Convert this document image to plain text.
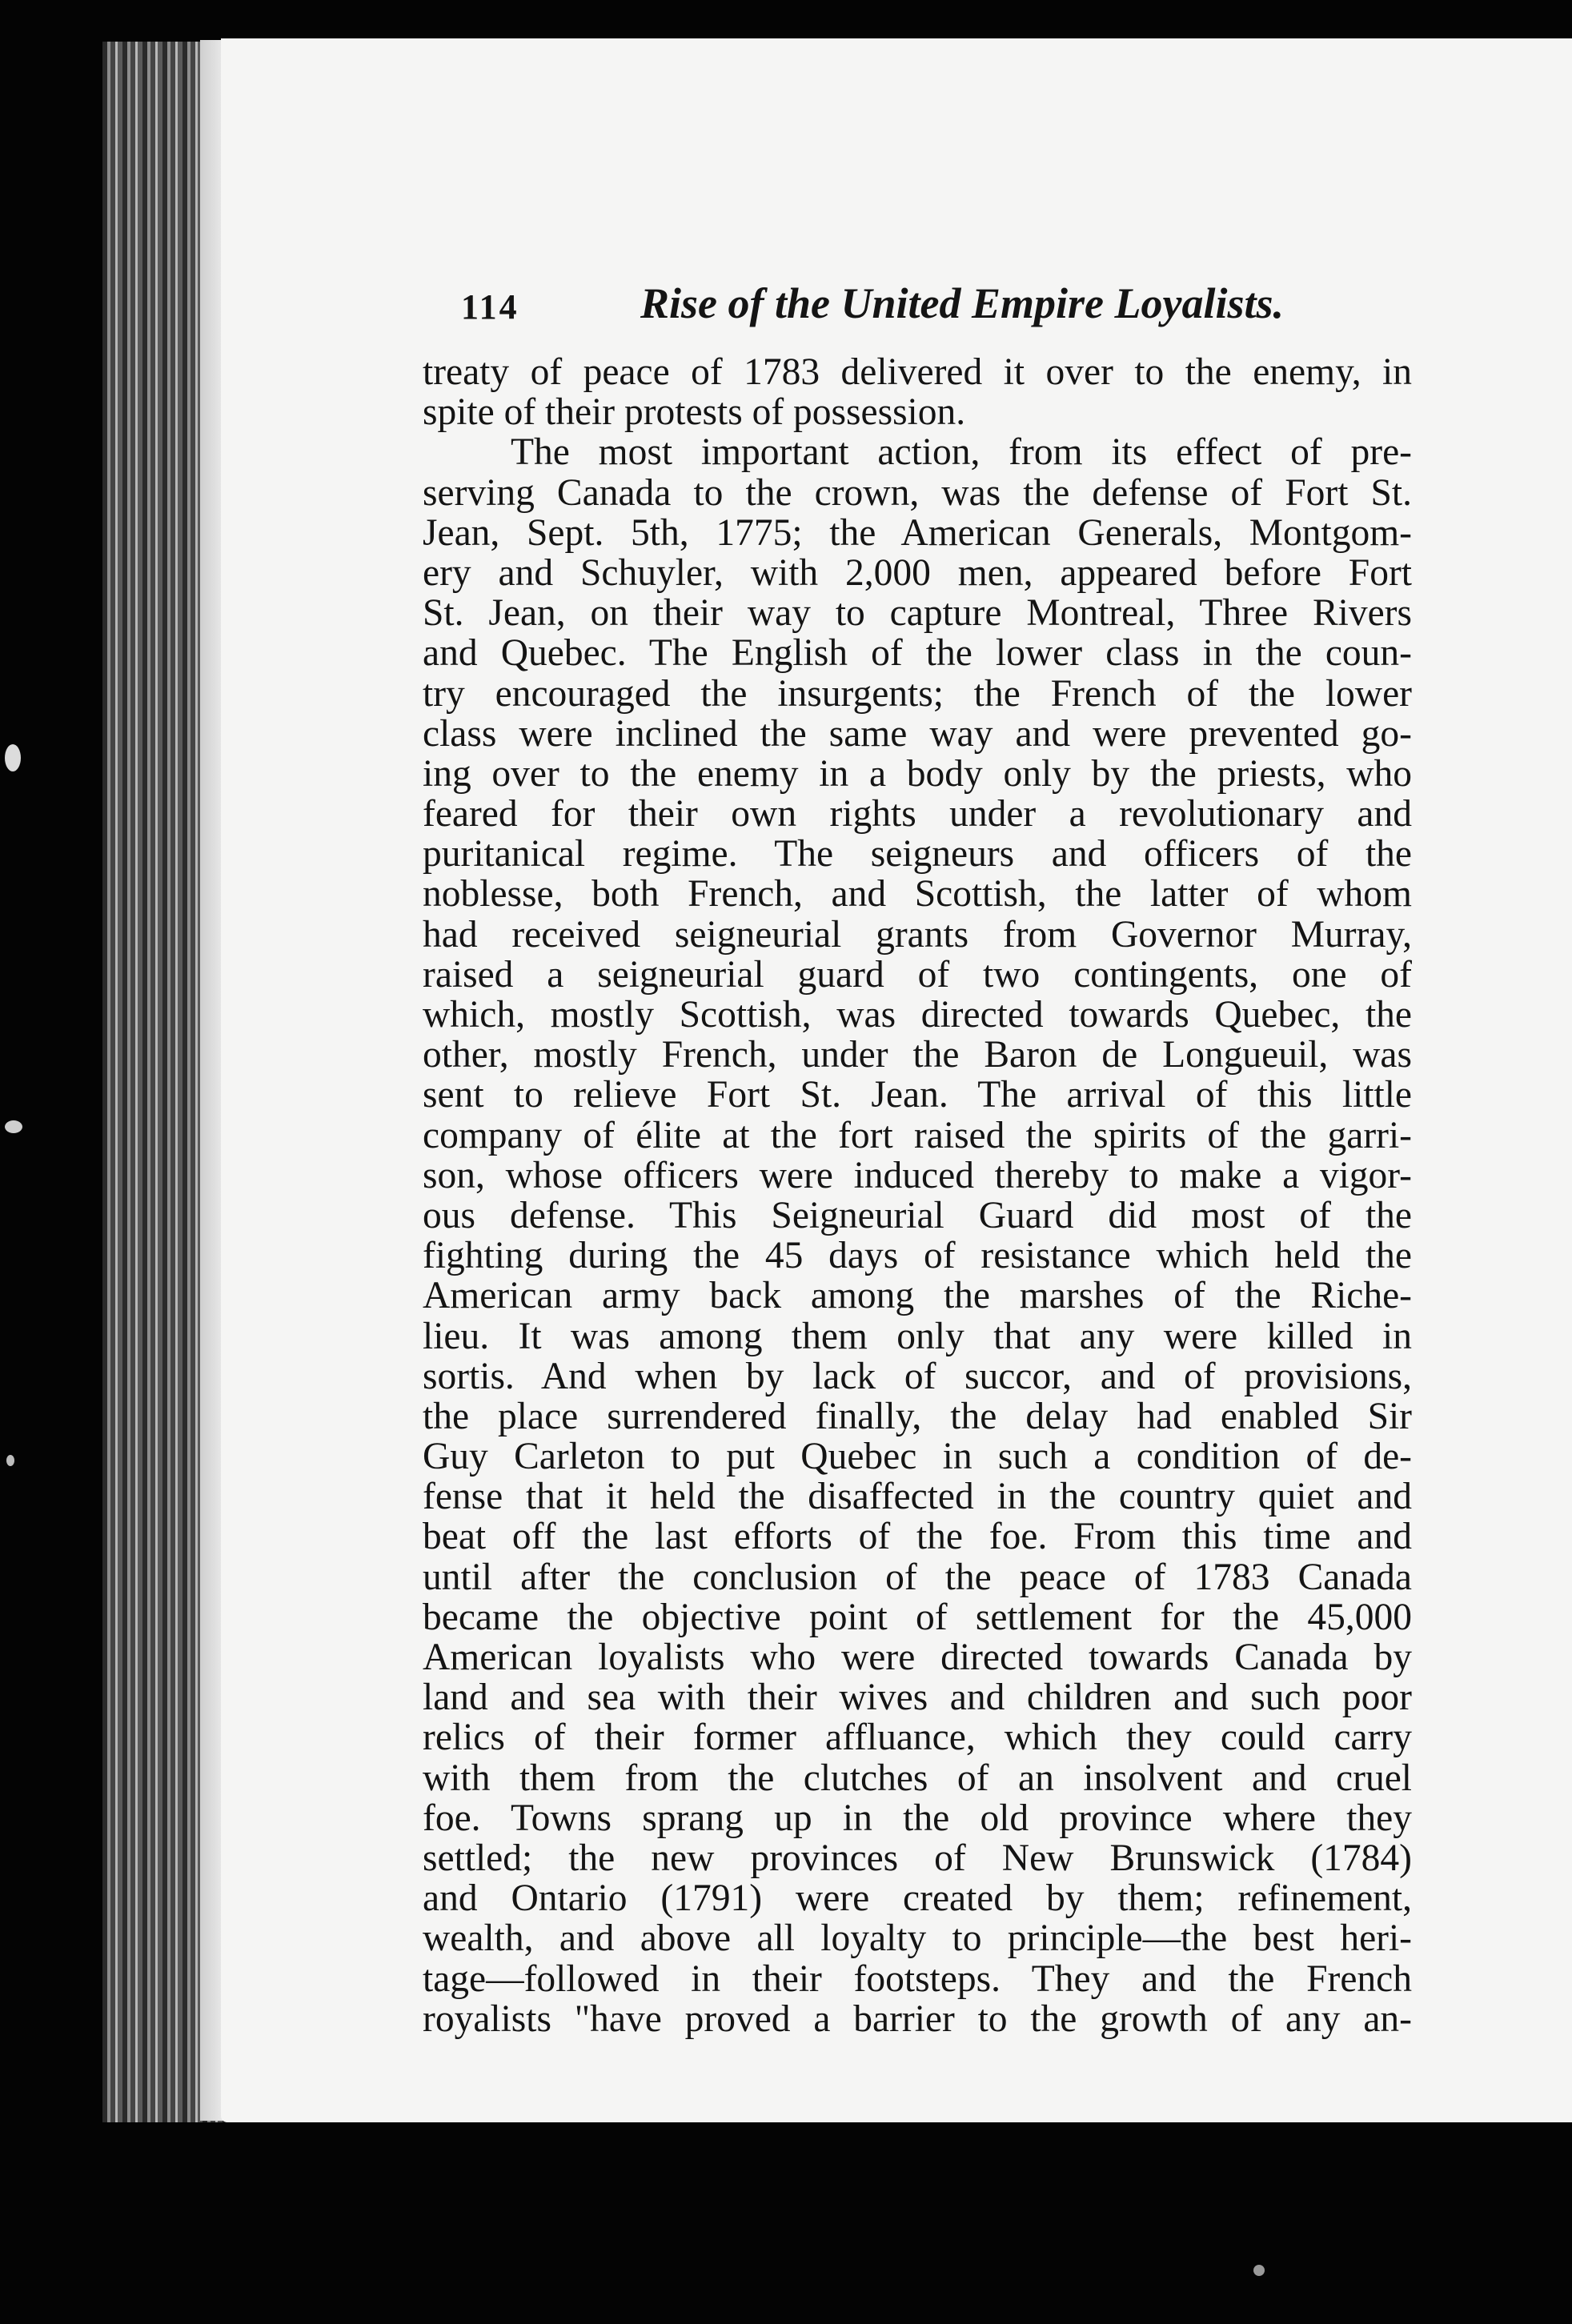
114	Rise of the United Empire Loyalists.
treaty of peace of 1783 delivered it over to the enemy, in
spite of their protests of possession.
The most important action, from its effect of pre-
serving Canada to the crown, was the defense of Fort St.
Jean, Sept. 5th, 1775; the American Generals, Montgom-
ery and Schuyler, with 2,000 men, appeared before Fort
St. Jean, on their way to capture Montreal, Three Rivers
and Quebec. The English of the lower class in the coun-
try encouraged the insurgents; the French of the lower
class were inclined the same way and were prevented go-
ing over to the enemy in a body only by the priests, who
feared for their own rights under a revolutionary and
puritanical regime. The seigneurs and officers of the
noblesse, both French, and Scottish, the latter of whom
had received seigneurial grants from Governor Murray,
raised a seigneurial guard of two contingents, one of
which, mostly Scottish, was directed towards Quebec, the
other, mostly French, under the Baron de Longueuil, was
sent to relieve Fort St. Jean. The arrival of this little
company of élite at the fort raised the spirits of the garri-
son, whose officers were induced thereby to make a vigor-
ous defense. This Seigneurial Guard did most of the
fighting during the 45 days of resistance which held the
American army back among the marshes of the Riche-
lieu. It was among them only that any were killed in
sortis. And when by lack of succor, and of provisions,
the place surrendered finally, the delay had enabled Sir
Guy Carleton to put Quebec in such a condition of de-
fense that it held the disaffected in the country quiet and
beat off the last efforts of the foe. From this time and
until after the conclusion of the peace of 1783 Canada
became the objective point of settlement for the 45,000
American loyalists who were directed towards Canada by
land and sea with their wives and children and such poor
relics of their former affluance, which they could carry
with them from the clutches of an insolvent and cruel
foe. Towns sprang up in the old province where they
settled; the new provinces of New Brunswick (1784)
and Ontario (1791) were created by them; refinement,
wealth, and above all loyalty to principle—the best heri-
tage—followed in their footsteps. They and the French
royalists "have proved a barrier to the growth of any an-
